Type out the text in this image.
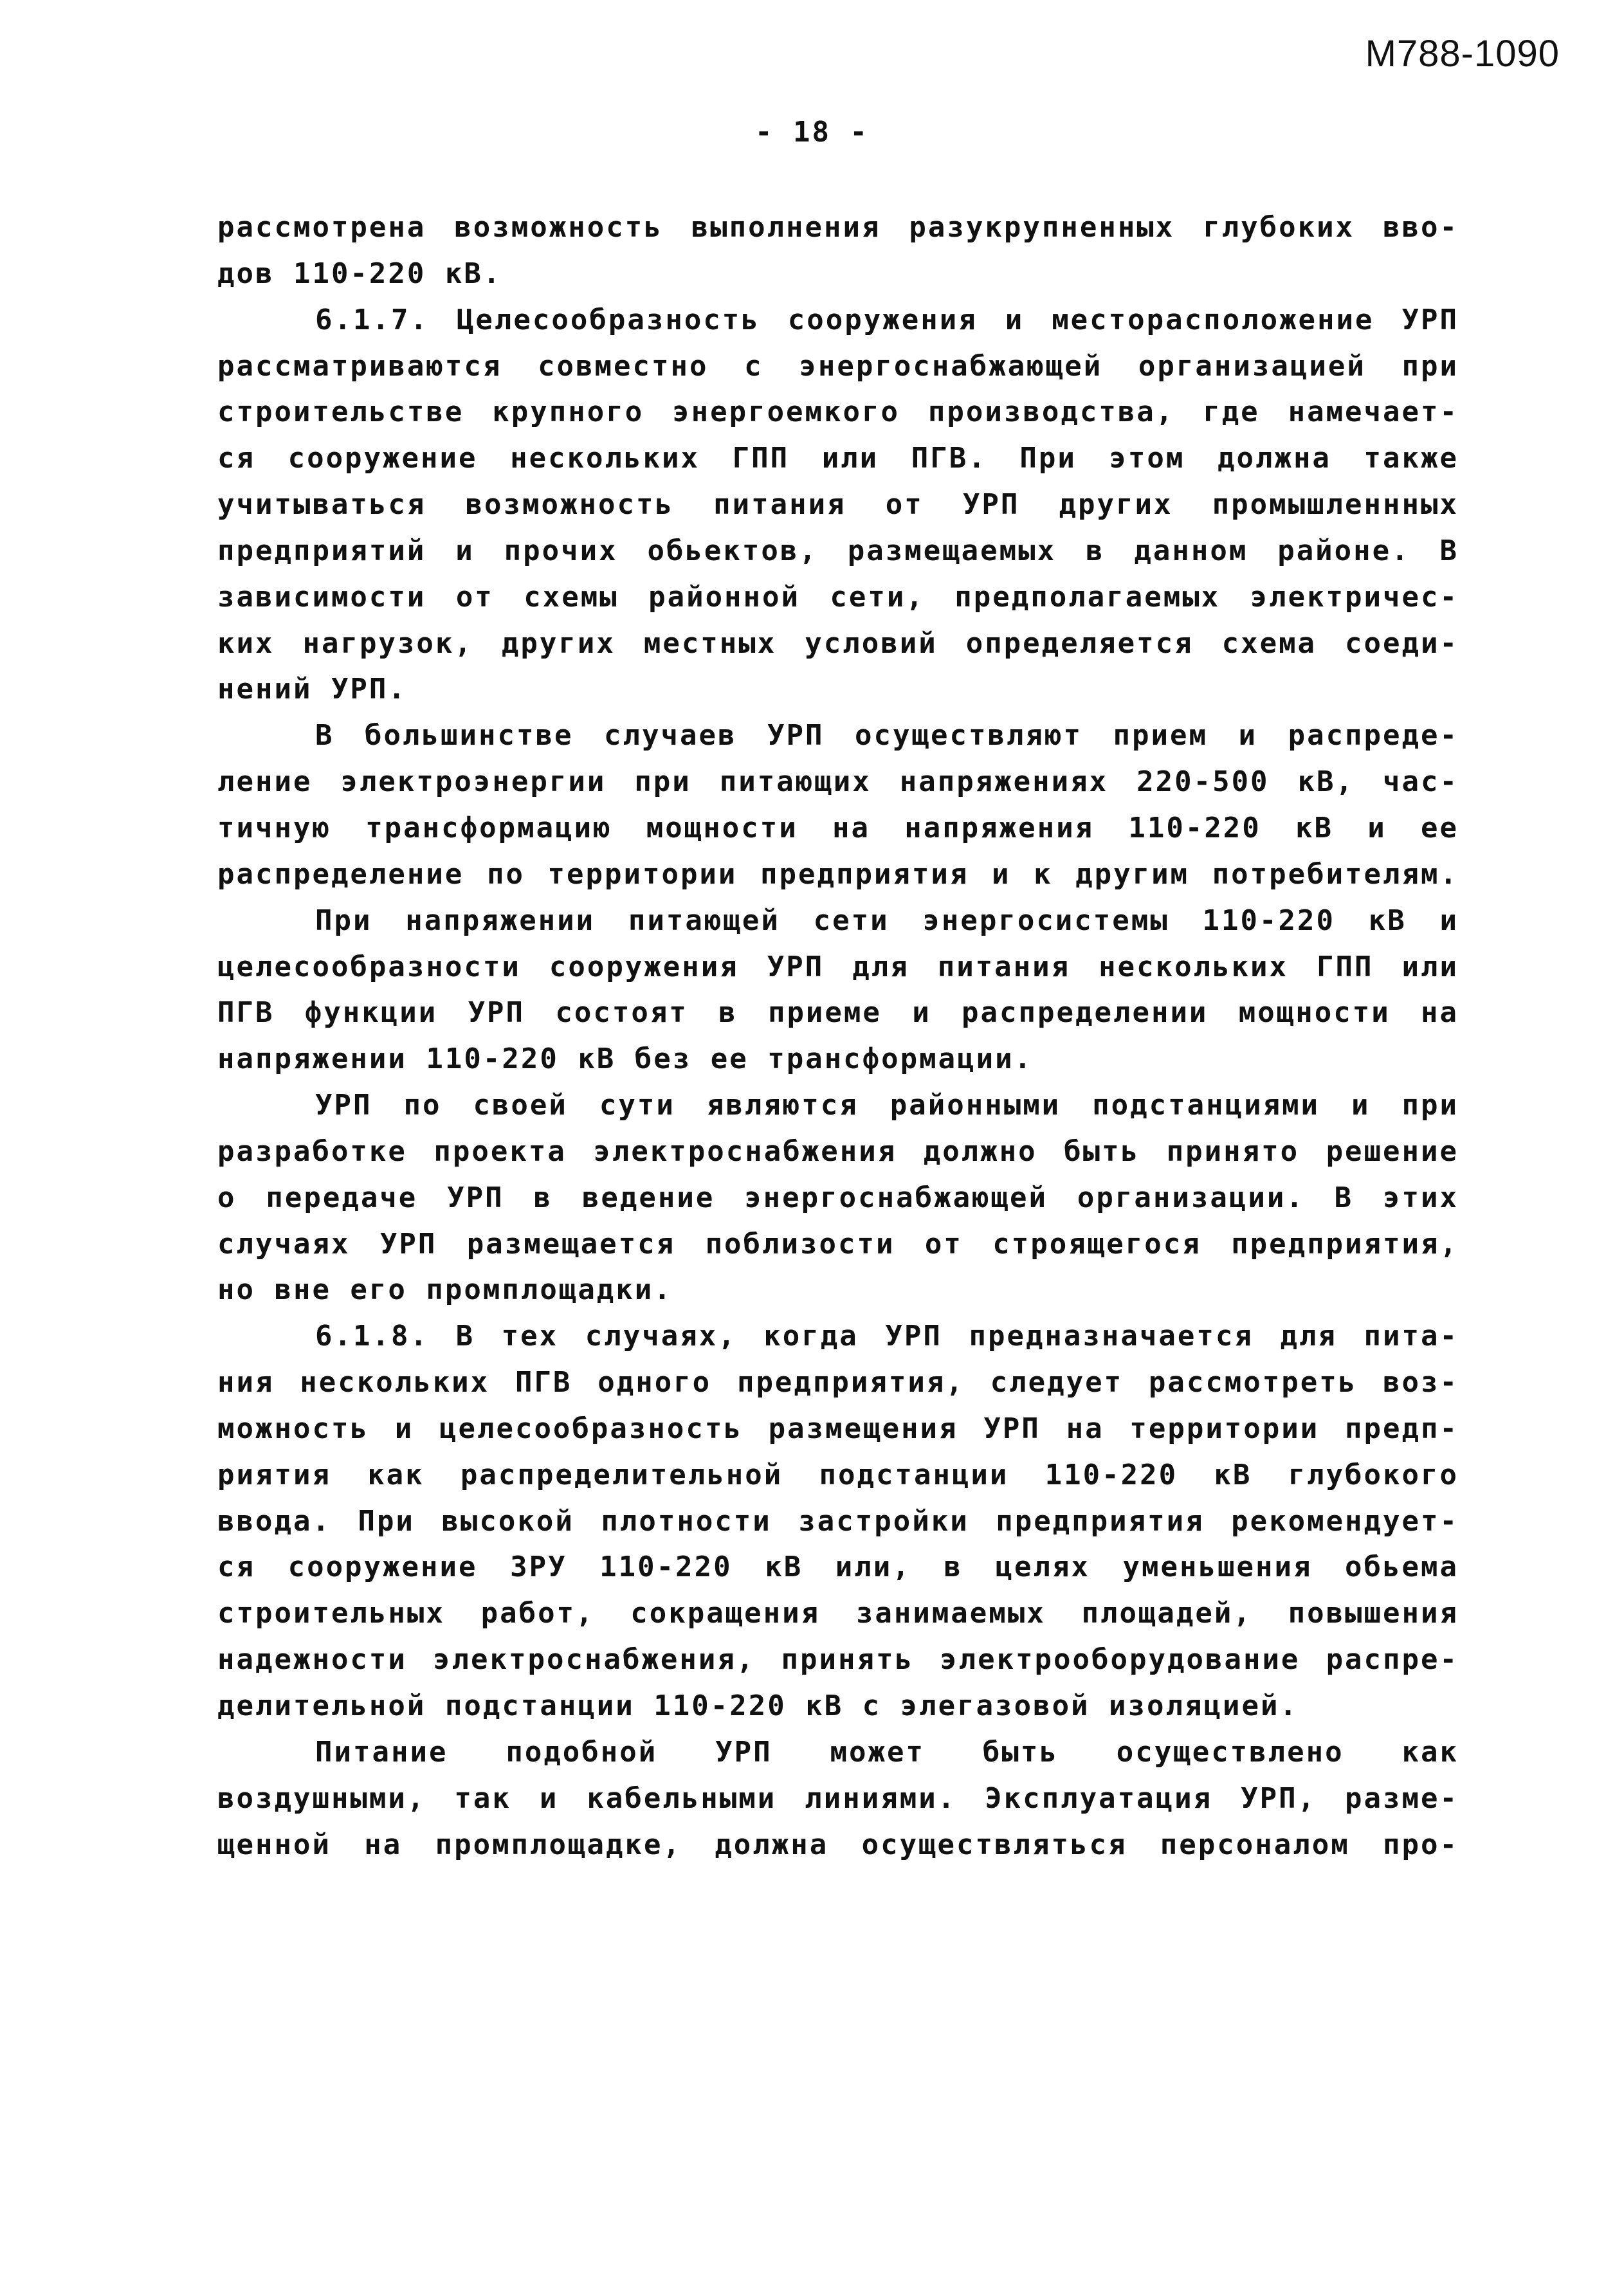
М788-1090
- 18 -
рассмотрена возможность выполнения разукрупненных глубоких вво-
дов 110-220 кВ.
6.1.7. Целесообразность сооружения и месторасположение УРП
рассматриваются совместно с энергоснабжающей организацией при
строительстве крупного энергоемкого производства, где намечает-
ся сооружение нескольких ГПП или ПГВ. При этом должна также
учитываться возможность питания от УРП других промышленнных
предприятий и прочих обьектов, размещаемых в данном районе. В
зависимости от схемы районной сети, предполагаемых электричес-
ких нагрузок, других местных условий определяется схема соеди-
нений УРП.
В большинстве случаев УРП осуществляют прием и распреде-
ление электроэнергии при питающих напряжениях 220-500 кВ, час-
тичную трансформацию мощности на напряжения 110-220 кВ и ее
распределение по территории предприятия и к другим потребителям.
При напряжении питающей сети энергосистемы 110-220 кВ и
целесообразности сооружения УРП для питания нескольких ГПП или
ПГВ функции УРП состоят в приеме и распределении мощности на
напряжении 110-220 кВ без ее трансформации.
УРП по своей сути являются районными подстанциями и при
разработке проекта электроснабжения должно быть принято решение
о передаче УРП в ведение энергоснабжающей организации. В этих
случаях УРП размещается поблизости от строящегося предприятия,
но вне его промплощадки.
6.1.8. В тех случаях, когда УРП предназначается для пита-
ния нескольких ПГВ одного предприятия, следует рассмотреть воз-
можность и целесообразность размещения УРП на территории предп-
риятия как распределительной подстанции 110-220 кВ глубокого
ввода. При высокой плотности застройки предприятия рекомендует-
ся сооружение ЗРУ 110-220 кВ или, в целях уменьшения обьема
строительных работ, сокращения занимаемых площадей, повышения
надежности электроснабжения, принять электрооборудование распре-
делительной подстанции 110-220 кВ с элегазовой изоляцией.
Питание подобной УРП может быть осуществлено как
воздушными, так и кабельными линиями. Эксплуатация УРП, разме-
щенной на промплощадке, должна осуществляться персоналом про-
